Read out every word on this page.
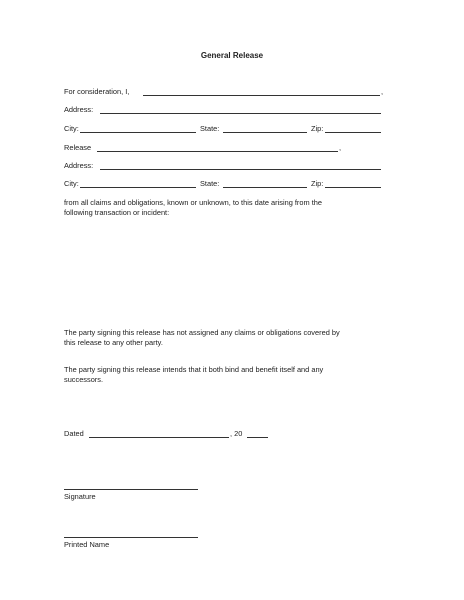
General Release
For consideration, I,	,
Address:
City:	State:	Zip:
Release	,
Address:
City:	State:	Zip:
from all claims and obligations, known or unknown, to this date arising from the
following transaction or incident:
The party signing this release has not assigned any claims or obligations covered by
this release to any other party.
The party signing this release intends that it both bind and benefit itself and any
successors.
Dated	, 20
Signature
Printed Name
